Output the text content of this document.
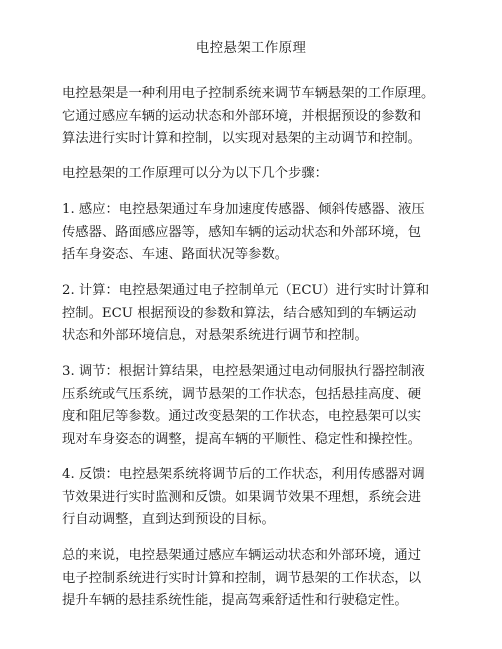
电控悬架工作原理

电控悬架是一种利用电子控制系统来调节车辆悬架的工作原理。
它通过感应车辆的运动状态和外部环境，并根据预设的参数和
算法进行实时计算和控制，以实现对悬架的主动调节和控制。

电控悬架的工作原理可以分为以下几个步骤：

1. 感应：电控悬架通过车身加速度传感器、倾斜传感器、液压
传感器、路面感应器等，感知车辆的运动状态和外部环境，包
括车身姿态、车速、路面状况等参数。

2. 计算：电控悬架通过电子控制单元（ECU）进行实时计算和
控制。ECU 根据预设的参数和算法，结合感知到的车辆运动
状态和外部环境信息，对悬架系统进行调节和控制。

3. 调节：根据计算结果，电控悬架通过电动伺服执行器控制液
压系统或气压系统，调节悬架的工作状态，包括悬挂高度、硬
度和阻尼等参数。通过改变悬架的工作状态，电控悬架可以实
现对车身姿态的调整，提高车辆的平顺性、稳定性和操控性。

4. 反馈：电控悬架系统将调节后的工作状态，利用传感器对调
节效果进行实时监测和反馈。如果调节效果不理想，系统会进
行自动调整，直到达到预设的目标。

总的来说，电控悬架通过感应车辆运动状态和外部环境，通过
电子控制系统进行实时计算和控制，调节悬架的工作状态，以
提升车辆的悬挂系统性能，提高驾乘舒适性和行驶稳定性。
